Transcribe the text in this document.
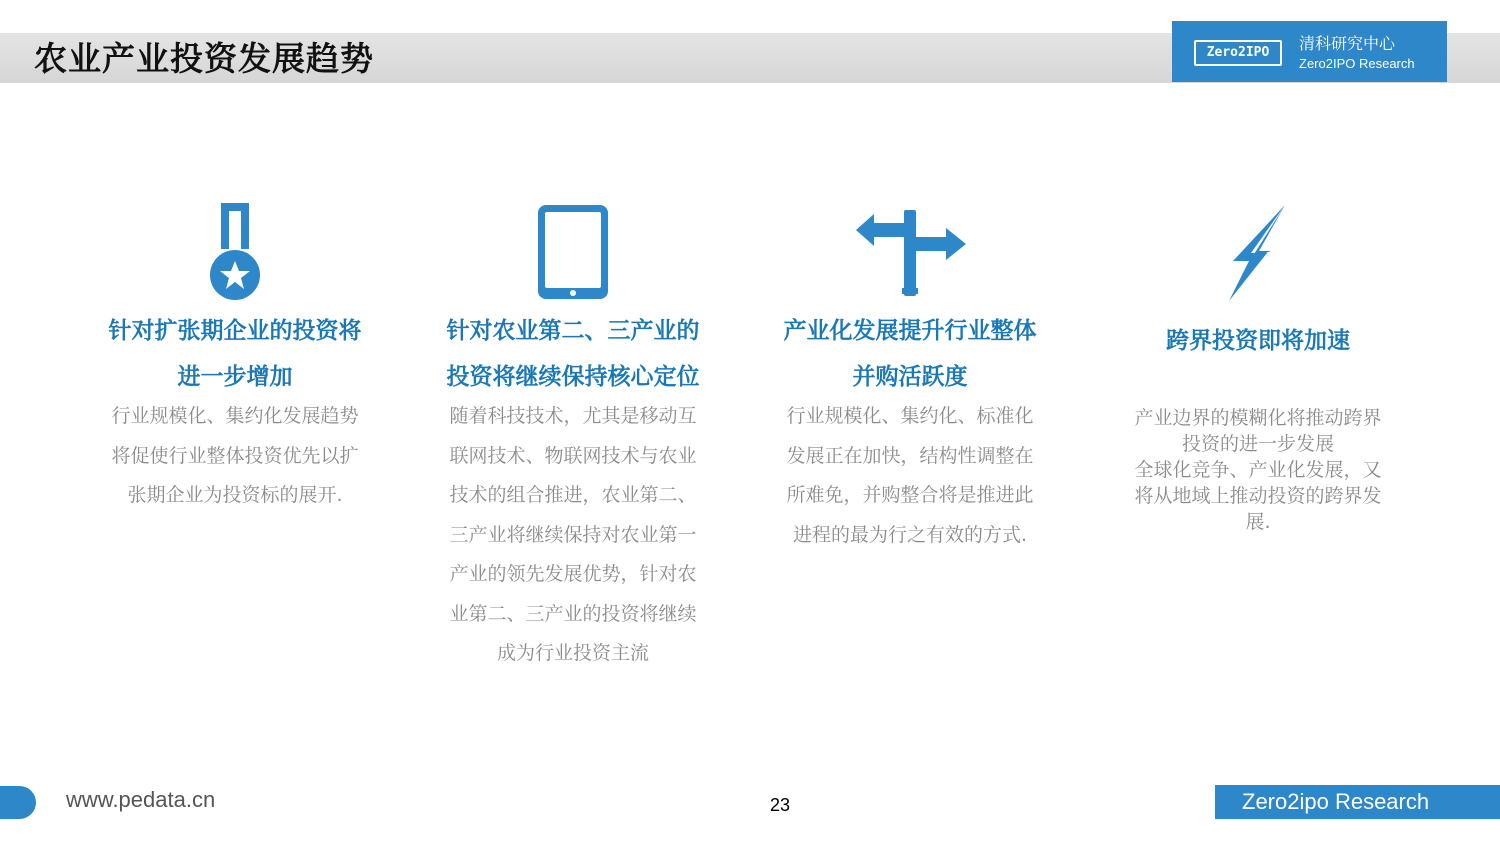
农业产业投资发展趋势	Zero2IPO	清科研究中心
Zero2IPO Research
针对扩张期企业的投资将
进一步增加
行业规模化、集约化发展趋势
将促使行业整体投资优先以扩
张期企业为投资标的展开.
针对农业第二、三产业的
投资将继续保持核心定位
随着科技技术，尤其是移动互
联网技术、物联网技术与农业
技术的组合推进，农业第二、
三产业将继续保持对农业第一
产业的领先发展优势，针对农
业第二、三产业的投资将继续
成为行业投资主流
产业化发展提升行业整体
并购活跃度
行业规模化、集约化、标准化
发展正在加快，结构性调整在
所难免，并购整合将是推进此
进程的最为行之有效的方式.
跨界投资即将加速
产业边界的模糊化将推动跨界
投资的进一步发展
全球化竞争、产业化发展，又
将从地域上推动投资的跨界发
展.
www.pedata.cn	23	Zero2ipo Research
